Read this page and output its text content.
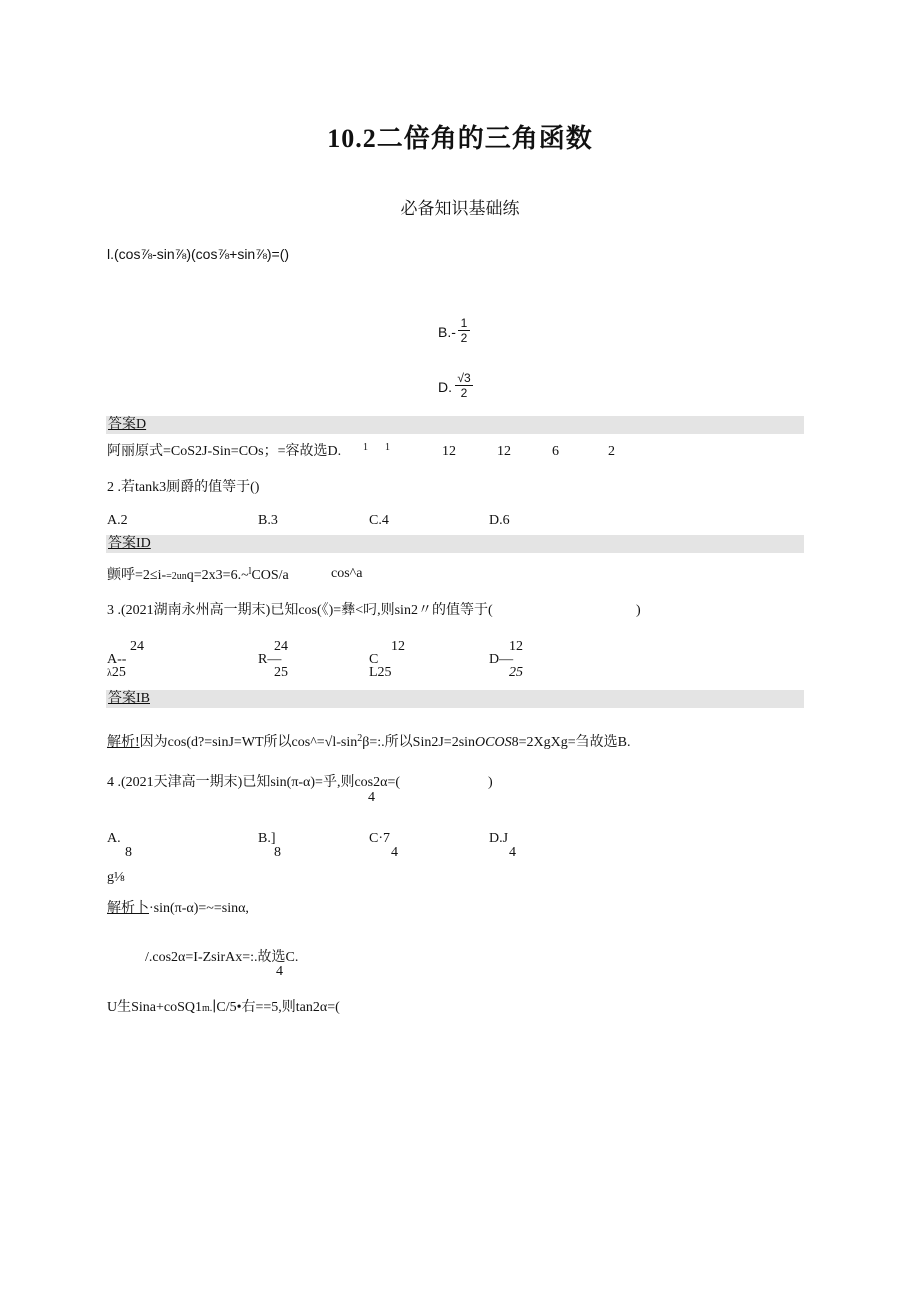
10.2二倍角的三角函数
必备知识基础练
l.(cos⅞-sin⅞)(cos⅞+sin⅞)=()
B.-
1
2
D.
√3
2
答案D
阿丽原式=CoS2J-Sin=COs；=容故选D. 1 1	12	12	6	2
2 .若tank3厠爵的值等于()
A.2	B.3	C.4	D.6
答案ID
颤呼=2≤i-=2unq=2x3=6.~$^l$COS/a	cos^a
3 .(2021湖南永州高一期末)已知cos(《)=彝<叼,则sin2〃的值等于(	)
24	24	12	12
A--	R—	C	D—
λ25	25	L25	25
答案IB
解析!因为cos(d?=sinJ=WT所以$\cos\^{}=√l-\sin^2\beta=$:.所以Sin2J=2sinOCOS8=2XgXg=刍故选B.
4 .(2021天津高一期末)已知sin(π-α)=乎,则cos2α=(	)
4
A.	B.]	C·7	D.J
8	8	4	4
g⅛
解析卜·sin(π-α)=~=sinα,
/.cos2α=I-ZsirAx=:.故选C.
4
U生Sina+coSQ1m.∣C/5•右==5,则tan2α=(
